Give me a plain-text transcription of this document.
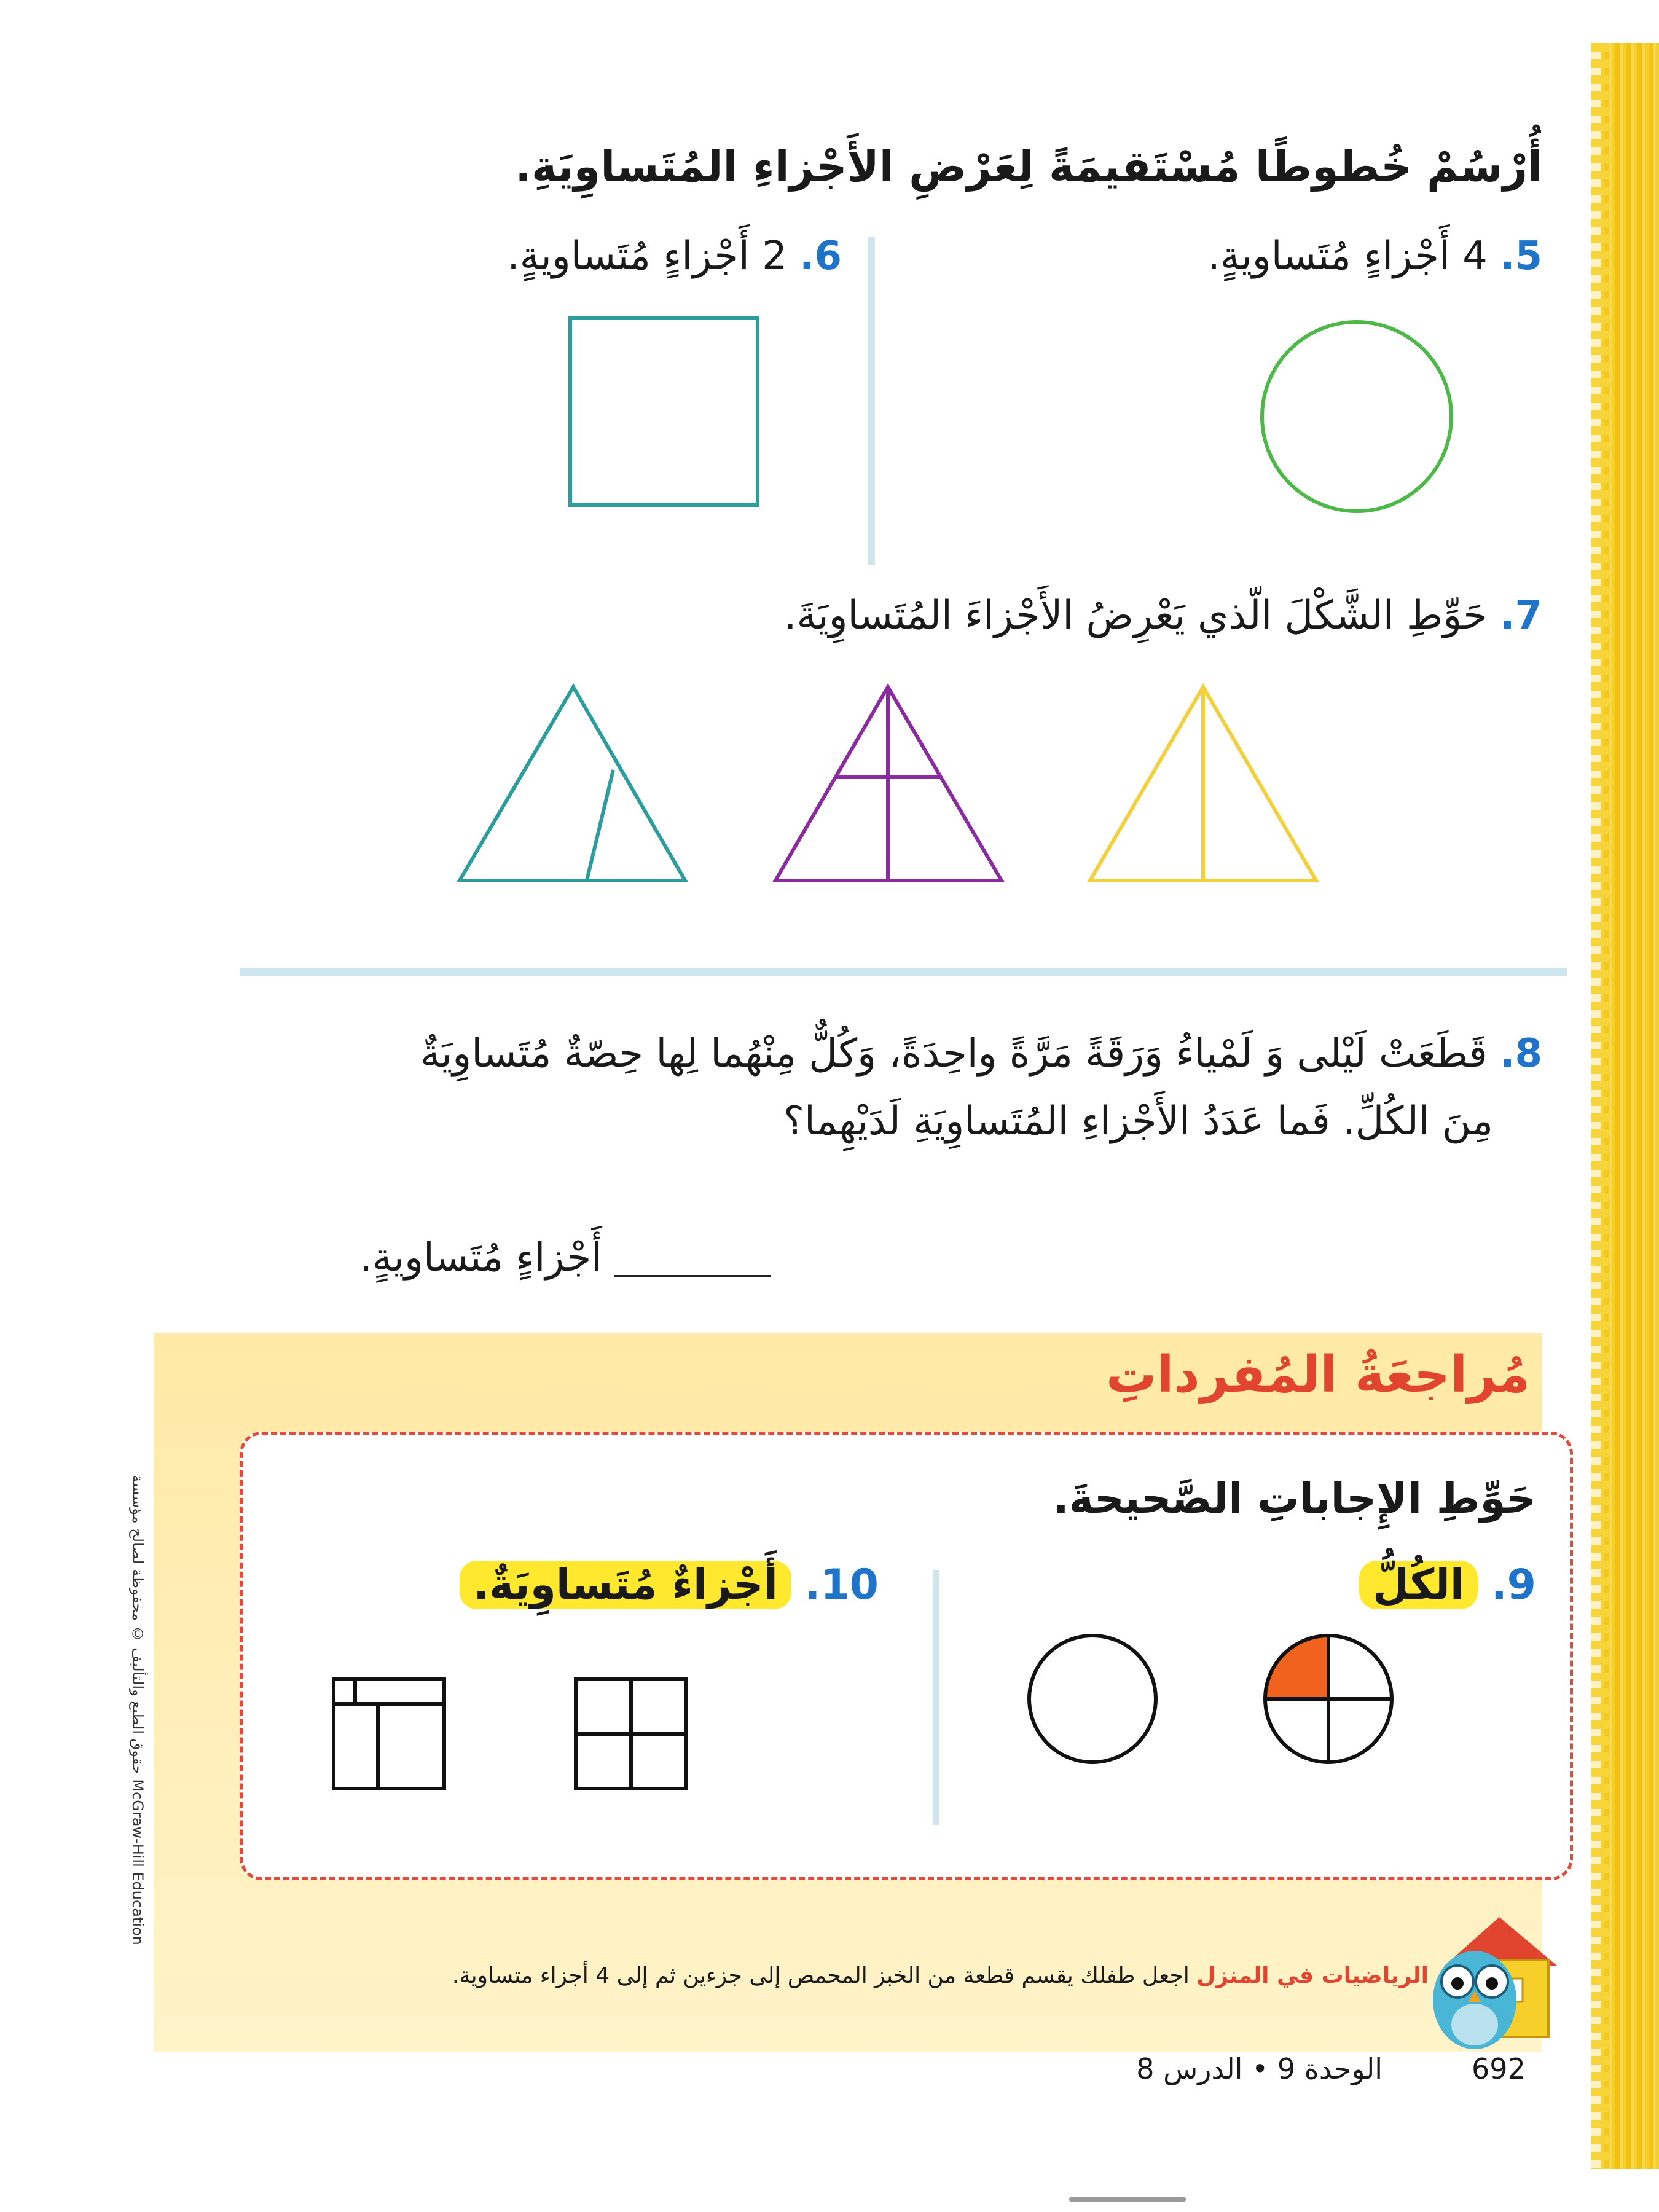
أُرْسُمْ خُطوطًا مُسْتَقيمَةً لِعَرْضِ الأَجْزاءِ المُتَساوِيَةِ.
5. 4 أَجْزاءٍ مُتَساويةٍ.
6. 2 أَجْزاءٍ مُتَساويةٍ.
7. حَوِّطِ الشَّكْلَ الّذي يَعْرِضُ الأَجْزاءَ المُتَساوِيَةَ.
8. قَطَعَتْ لَيْلى وَ لَمْياءُ وَرَقَةً مَرَّةً واحِدَةً، وَكُلٌّ مِنْهُما لِها حِصّةٌ مُتَساوِيَةٌ
مِنَ الكُلِّ. فَما عَدَدُ الأَجْزاءِ المُتَساوِيَةِ لَدَيْهِما؟
أَجْزاءٍ مُتَساويةٍ.
مُراجعَةُ المُفرداتِ
حَوِّطِ الإِجاباتِ الصَّحيحةَ.
9. الكُلُّ
10. أَجْزاءٌ مُتَساوِيَةٌ.
الرياضيات في المنزل اجعل طفلك يقسم قطعة من الخبز المحمص إلى جزءين ثم إلى 4 أجزاء متساوية.
692
الوحدة 9 • الدرس 8
حقوق الطبع والتأليف © محفوظة لصالح مؤسسة McGraw-Hill Education
